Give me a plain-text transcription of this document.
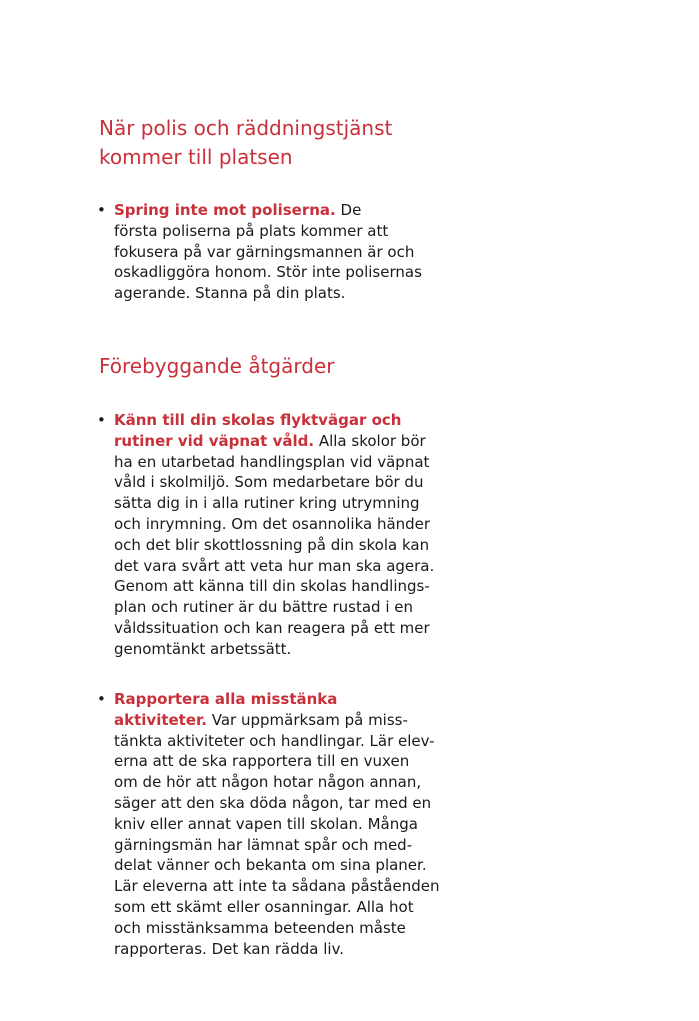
När polis och räddningstjänst
kommer till platsen
• Spring inte mot poliserna. De
första poliserna på plats kommer att
fokusera på var gärningsmannen är och
oskadliggöra honom. Stör inte polisernas
agerande. Stanna på din plats.
Förebyggande åtgärder
• Känn till din skolas flyktvägar och
rutiner vid väpnat våld. Alla skolor bör
ha en utarbetad handlingsplan vid väpnat
våld i skolmiljö. Som medarbetare bör du
sätta dig in i alla rutiner kring utrymning
och inrymning. Om det osannolika händer
och det blir skottlossning på din skola kan
det vara svårt att veta hur man ska agera.
Genom att känna till din skolas handlings-
plan och rutiner är du bättre rustad i en
våldssituation och kan reagera på ett mer
genomtänkt arbetssätt.
• Rapportera alla misstänka
aktiviteter. Var uppmärksam på miss-
tänkta aktiviteter och handlingar. Lär elev-
erna att de ska rapportera till en vuxen
om de hör att någon hotar någon annan,
säger att den ska döda någon, tar med en
kniv eller annat vapen till skolan. Många
gärningsmän har lämnat spår och med-
delat vänner och bekanta om sina planer.
Lär eleverna att inte ta sådana påståenden
som ett skämt eller osanningar. Alla hot
och misstänksamma beteenden måste
rapporteras. Det kan rädda liv.
